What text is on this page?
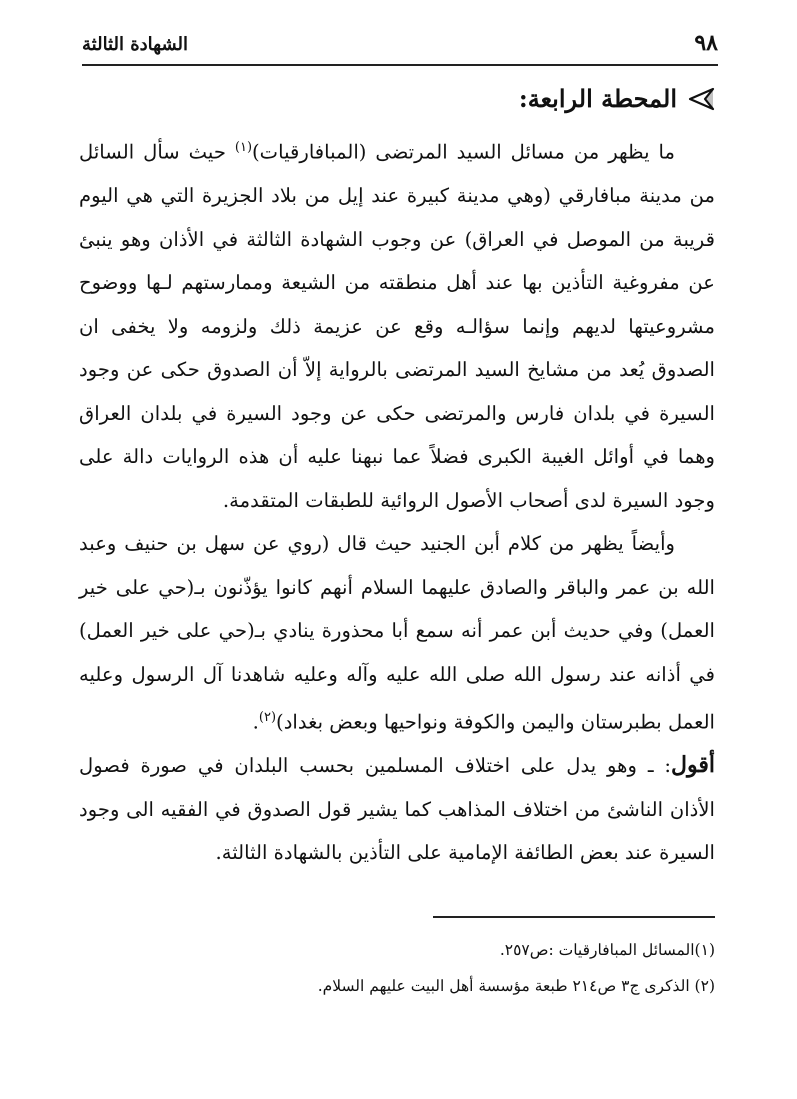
٩٨
الشهادة الثالثة
المحطة الرابعة:

ما يظهر من مسائل السيد المرتضى (المبافارقيات)$^{(١)}$ حيث سأل السائل من مدينة مبافارقي (وهي مدينة كبيرة عند إيل من بلاد الجزيرة التي هي اليوم قريبة من الموصل في العراق) عن وجوب الشهادة الثالثة في الأذان وهو ينبئ عن مفروغية التأذين بها عند أهل منطقته من الشيعة وممارستهم لـها ووضوح مشروعيتها لديهم وإنما سؤالـه وقع عن عزيمة ذلك ولزومه ولا يخفى ان الصدوق يُعد من مشايخ السيد المرتضى بالرواية إلاّ أن الصدوق حكى عن وجود السيرة في بلدان فارس والمرتضى حكى عن وجود السيرة في بلدان العراق وهما في أوائل الغيبة الكبرى فضلاً عما نبهنا عليه أن هذه الروايات دالة على وجود السيرة لدى أصحاب الأصول الروائية للطبقات المتقدمة.

وأيضاً يظهر من كلام أبن الجنيد حيث قال (روي عن سهل بن حنيف وعبد الله بن عمر والباقر والصادق عليهما السلام أنهم كانوا يؤذّنون بـ(حي على خير العمل) وفي حديث أبن عمر أنه سمع أبا محذورة ينادي بـ(حي على خير العمل) في أذانه عند رسول الله صلى الله عليه وآله وعليه شاهدنا آل الرسول وعليه العمل بطبرستان واليمن والكوفة ونواحيها وبعض بغداد)$^{(٢)}$.

أقول: ـ وهو يدل على اختلاف المسلمين بحسب البلدان في صورة فصول الأذان الناشئ من اختلاف المذاهب كما يشير قول الصدوق في الفقيه الى وجود السيرة عند بعض الطائفة الإمامية على التأذين بالشهادة الثالثة.

(١)المسائل المبافارقيات :ص٢٥٧.

(٢) الذكرى ج٣ ص٢١٤ طبعة مؤسسة أهل البيت عليهم السلام.
